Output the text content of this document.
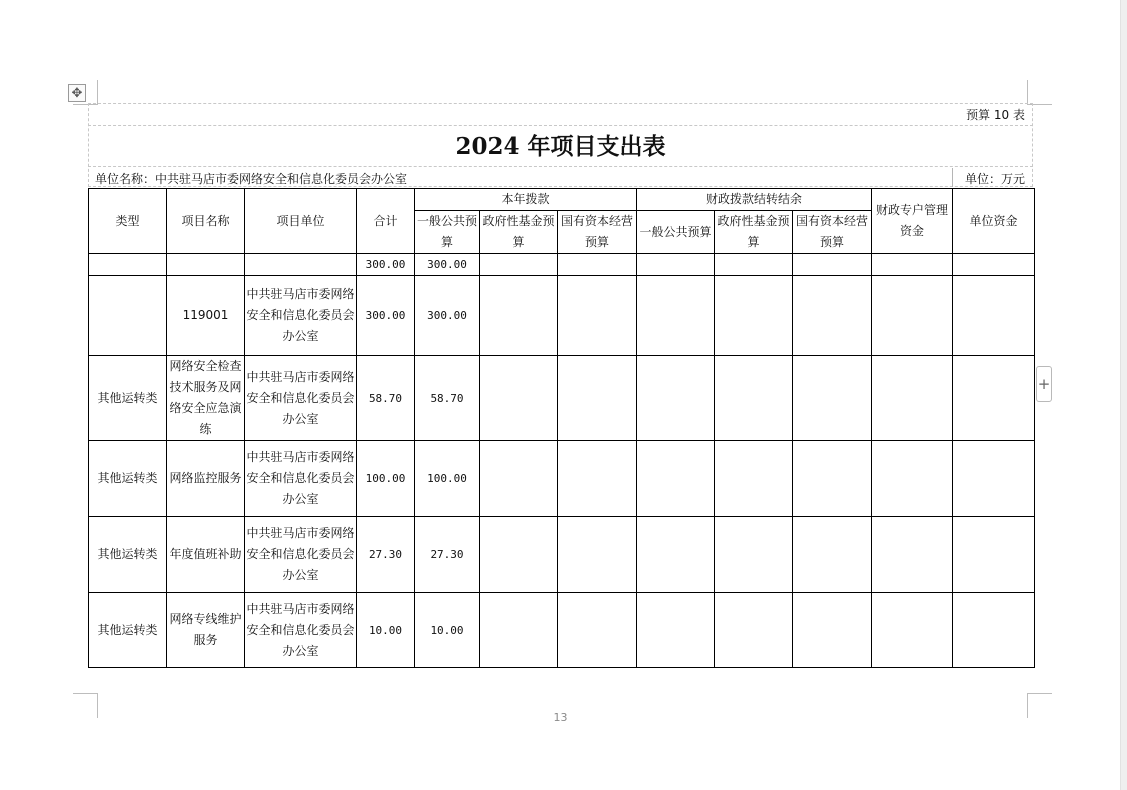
✥
预算 10 表
2024 年项目支出表
单位名称：中共驻马店市委网络安全和信息化委员会办公室	单位：万元
类型	项目名称	项目单位	合计	本年拨款			财政拨款结转结余			财政专户管理资金	单位资金
				一般公共预算	政府性基金预算	国有资本经营预算	一般公共预算	政府性基金预算	国有资本经营预算		
			300.00	300.00							
	119001	中共驻马店市委网络安全和信息化委员会办公室	300.00	300.00							
其他运转类	网络安全检查技术服务及网络安全应急演练	中共驻马店市委网络安全和信息化委员会办公室	58.70	58.70							
其他运转类	网络监控服务	中共驻马店市委网络安全和信息化委员会办公室	100.00	100.00							
其他运转类	年度值班补助	中共驻马店市委网络安全和信息化委员会办公室	27.30	27.30							
其他运转类	网络专线维护服务	中共驻马店市委网络安全和信息化委员会办公室	10.00	10.00							
+
13
